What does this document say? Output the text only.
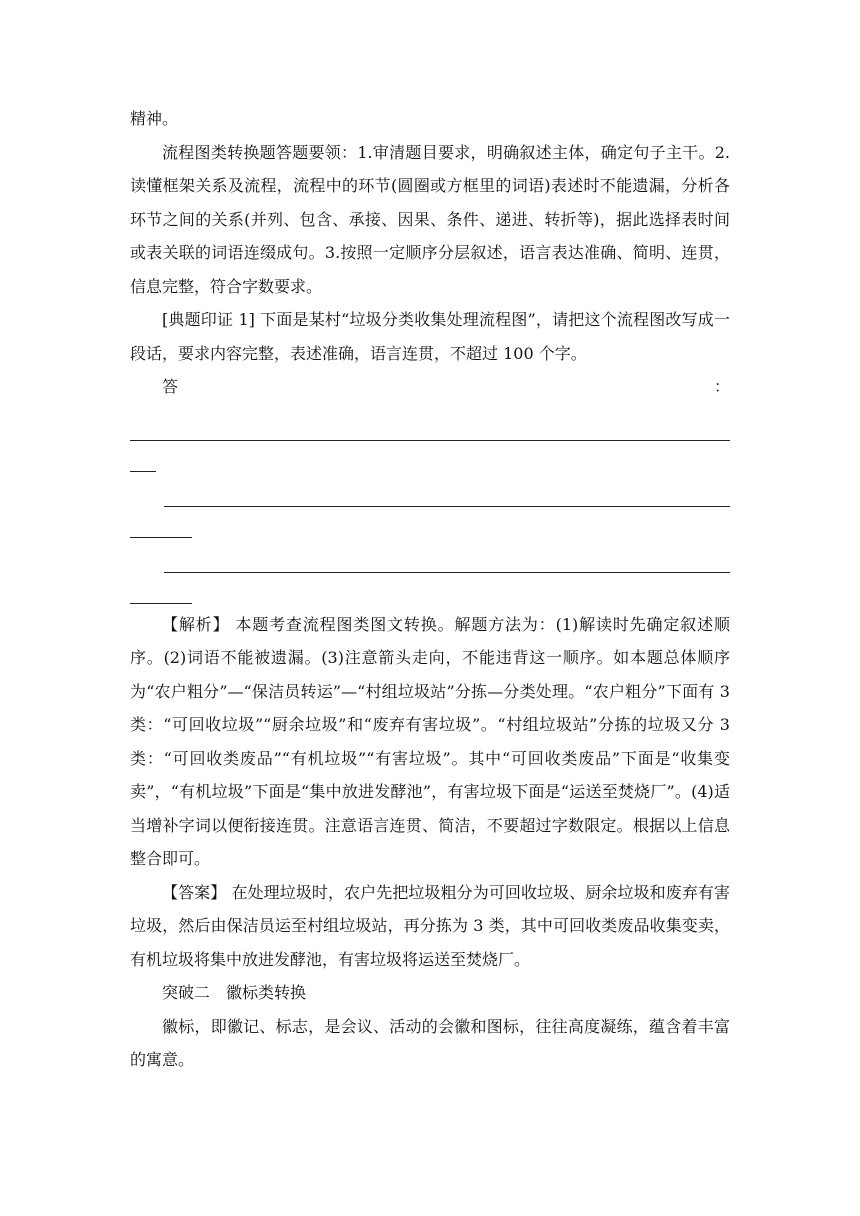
精神。

流程图类转换题答题要领：1.审清题目要求，明确叙述主体，确定句子主干。2.读懂框架关系及流程，流程中的环节(圆圈或方框里的词语)表述时不能遗漏，分析各环节之间的关系(并列、包含、承接、因果、条件、递进、转折等)，据此选择表时间或表关联的词语连缀成句。3.按照一定顺序分层叙述，语言表达准确、简明、连贯，信息完整，符合字数要求。

[典题印证 1] 下面是某村“垃圾分类收集处理流程图”，请把这个流程图改写成一段话，要求内容完整，表述准确，语言连贯，不超过 100 个字。

答	：

【解析】 本题考查流程图类图文转换。解题方法为：(1)解读时先确定叙述顺序。(2)词语不能被遗漏。(3)注意箭头走向，不能违背这一顺序。如本题总体顺序为“农户粗分”—“保洁员转运”—“村组垃圾站”分拣—分类处理。“农户粗分”下面有 3 类：“可回收垃圾”“厨余垃圾”和“废弃有害垃圾”。“村组垃圾站”分拣的垃圾又分 3 类：“可回收类废品”“有机垃圾”“有害垃圾”。其中“可回收类废品”下面是“收集变卖”，“有机垃圾”下面是“集中放进发酵池”，有害垃圾下面是“运送至焚烧厂”。(4)适当增补字词以便衔接连贯。注意语言连贯、简洁，不要超过字数限定。根据以上信息整合即可。

【答案】 在处理垃圾时，农户先把垃圾粗分为可回收垃圾、厨余垃圾和废弃有害垃圾，然后由保洁员运至村组垃圾站，再分拣为 3 类，其中可回收类废品收集变卖，有机垃圾将集中放进发酵池，有害垃圾将运送至焚烧厂。

突破二　徽标类转换

徽标，即徽记、标志，是会议、活动的会徽和图标，往往高度凝练，蕴含着丰富的寓意。
